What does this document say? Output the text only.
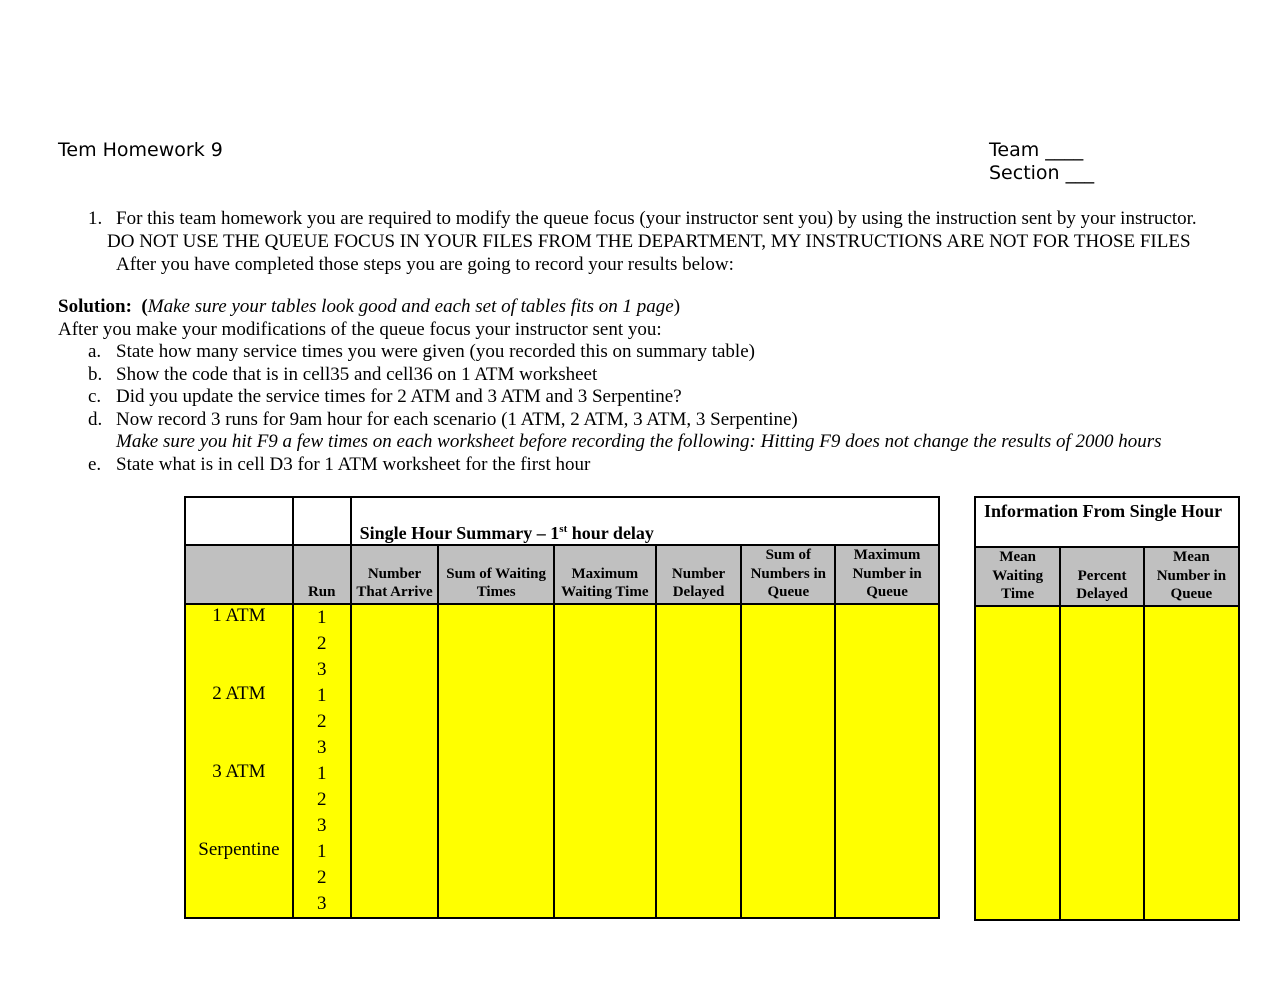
Tem Homework 9	Team ____
Section ___
1. For this team homework you are required to modify the queue focus (your instructor sent you) by using the instruction sent by your instructor.
DO NOT USE THE QUEUE FOCUS IN YOUR FILES FROM THE DEPARTMENT, MY INSTRUCTIONS ARE NOT FOR THOSE FILES
After you have completed those steps you are going to record your results below:
Solution: (Make sure your tables look good and each set of tables fits on 1 page)
After you make your modifications of the queue focus your instructor sent you:
a. State how many service times you were given (you recorded this on summary table)
b. Show the code that is in cell35 and cell36 on 1 ATM worksheet
c. Did you update the service times for 2 ATM and 3 ATM and 3 Serpentine?
d. Now record 3 runs for 9am hour for each scenario (1 ATM, 2 ATM, 3 ATM, 3 Serpentine)
Make sure you hit F9 a few times on each worksheet before recording the following: Hitting F9 does not change the results of 2000 hours
e. State what is in cell D3 for 1 ATM worksheet for the first hour
		Single Hour Summary – 1st hour delay					
	Run	Number That Arrive	Sum of Waiting Times	Maximum Waiting Time	Number Delayed	Sum of Numbers in Queue	Maximum Number in Queue
1 ATM	1						
	2						
	3						
2 ATM	1						
	2						
	3						
3 ATM	1						
	2						
	3						
Serpentine	1						
	2						
	3						
Information From Single Hour		
Mean Waiting Time	Percent Delayed	Mean Number in Queue
